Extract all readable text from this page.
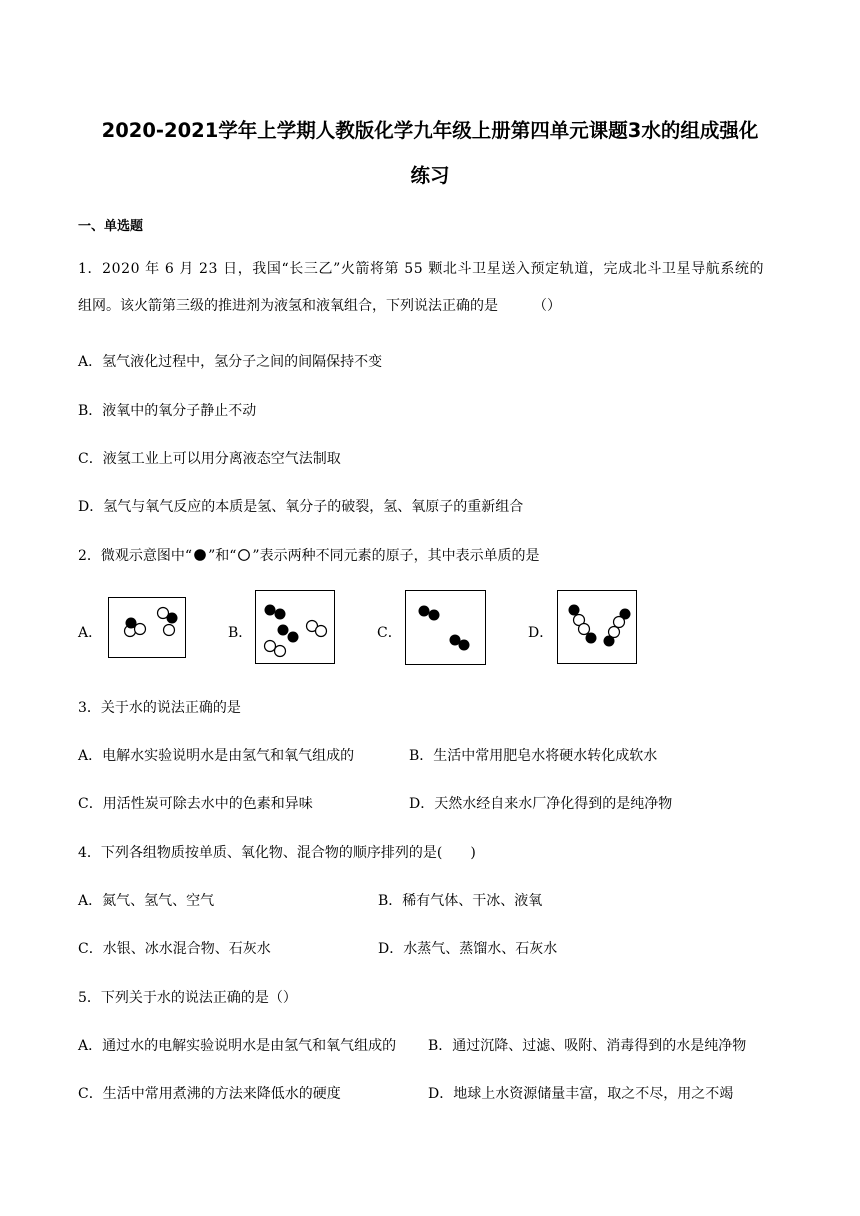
2020-2021学年上学期人教版化学九年级上册第四单元课题3水的组成强化
练习
一、单选题
1．2020 年 6 月 23 日，我国“长三乙”火箭将第 55 颗北斗卫星送入预定轨道，完成北斗卫星导航系统的
组网。该火箭第三级的推进剂为液氢和液氧组合，下列说法正确的是　　　（）
A．氢气液化过程中，氢分子之间的间隔保持不变
B．液氧中的氧分子静止不动
C．液氢工业上可以用分离液态空气法制取
D．氢气与氧气反应的本质是氢、氧分子的破裂，氢、氧原子的重新组合
2．微观示意图中“ ”和“ ”表示两种不同元素的原子，其中表示单质的是
A．	B．	C．	D．
3．关于水的说法正确的是
A．电解水实验说明水是由氢气和氧气组成的	B．生活中常用肥皂水将硬水转化成软水
C．用活性炭可除去水中的色素和异味	D．天然水经自来水厂净化得到的是纯净物
4．下列各组物质按单质、氧化物、混合物的顺序排列的是(　　)
A．氮气、氢气、空气	B．稀有气体、干冰、液氧
C．水银、冰水混合物、石灰水	D．水蒸气、蒸馏水、石灰水
5．下列关于水的说法正确的是（）
A．通过水的电解实验说明水是由氢气和氧气组成的 B．通过沉降、过滤、吸附、消毒得到的水是纯净物
C．生活中常用煮沸的方法来降低水的硬度	D．地球上水资源储量丰富，取之不尽，用之不竭
